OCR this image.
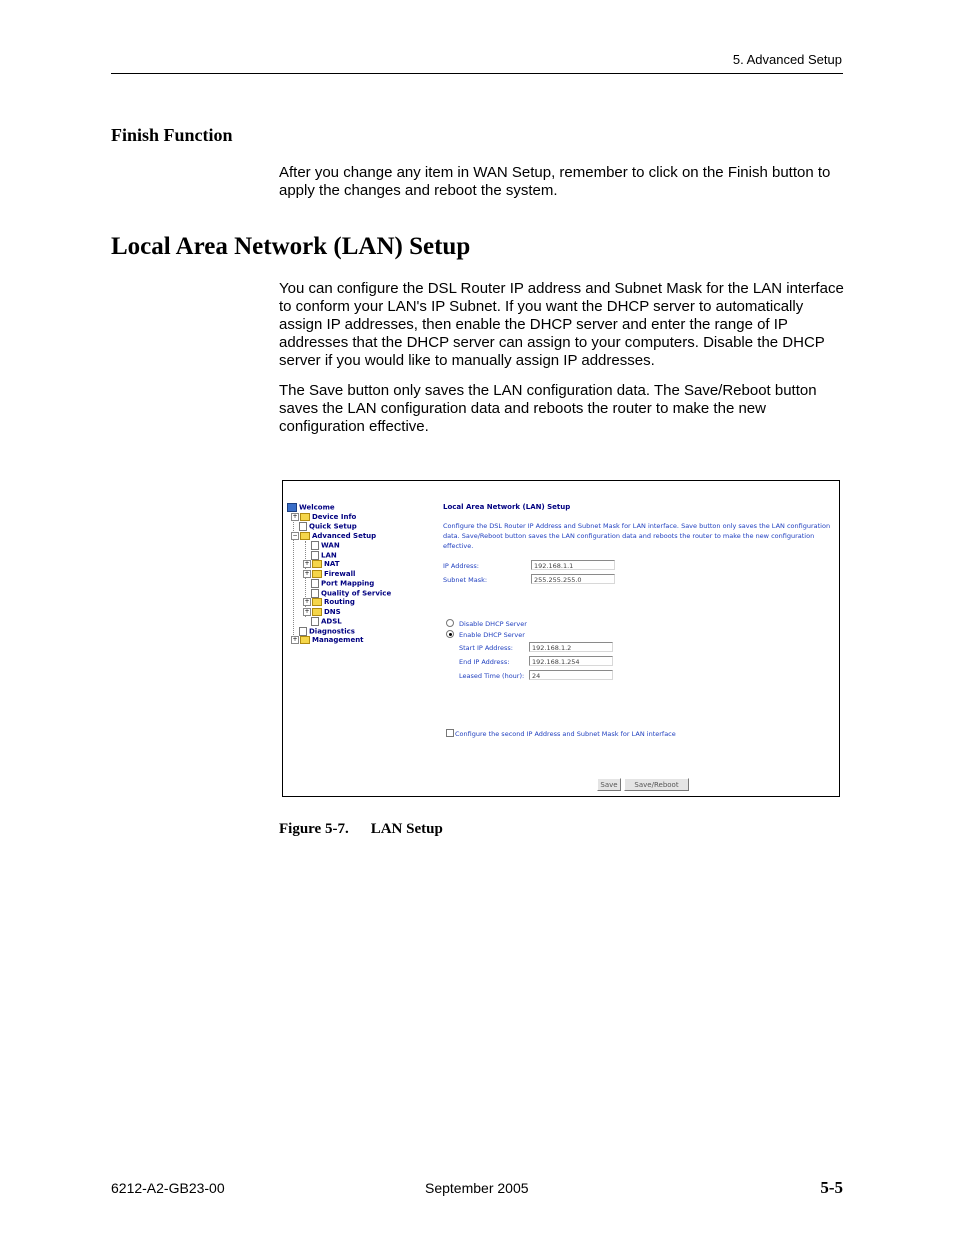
5. Advanced Setup
Finish Function
After you change any item in WAN Setup, remember to click on the Finish button to apply the changes and reboot the system.
Local Area Network (LAN) Setup
You can configure the DSL Router IP address and Subnet Mask for the LAN interface to conform your LAN's IP Subnet. If you want the DHCP server to automatically assign IP addresses, then enable the DHCP server and enter the range of IP addresses that the DHCP server can assign to your computers. Disable the DHCP server if you would like to manually assign IP addresses.
The Save button only saves the LAN configuration data. The Save/Reboot button saves the LAN configuration data and reboots the router to make the new configuration effective.
Welcome
+ Device Info
Quick Setup
− Advanced Setup
WAN
LAN
+ NAT
+ Firewall
Port Mapping
Quality of Service
+ Routing
+ DNS
ADSL
Diagnostics
+ Management
Local Area Network (LAN) Setup
Configure the DSL Router IP Address and Subnet Mask for LAN interface. Save button only saves the LAN configuration data. Save/Reboot button saves the LAN configuration data and reboots the router to make the new configuration effective.
IP Address:	192.168.1.1
Subnet Mask:	255.255.255.0
Disable DHCP Server
Enable DHCP Server
Start IP Address:	192.168.1.2
End IP Address:	192.168.1.254
Leased Time (hour):	24
Configure the second IP Address and Subnet Mask for LAN interface
Save	Save/Reboot
Figure 5-7. LAN Setup
6212-A2-GB23-00	September 2005	5-5
